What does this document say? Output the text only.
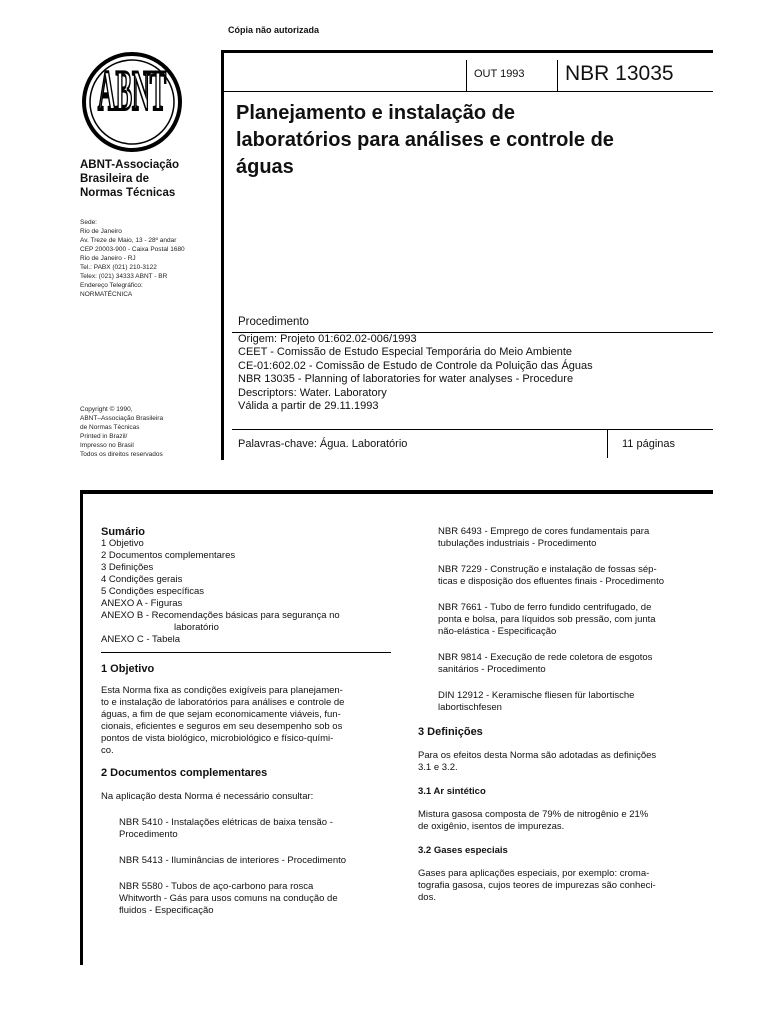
Cópia não autorizada
ABNT
ABNT-Associação
Brasileira de
Normas Técnicas
Sede:
Rio de Janeiro
Av. Treze de Maio, 13 - 28º andar
CEP 20003-900 - Caixa Postal 1680
Rio de Janeiro - RJ
Tel.: PABX (021) 210-3122
Telex: (021) 34333 ABNT - BR
Endereço Telegráfico:
NORMATÉCNICA
Copyright © 1990,
ABNT–Associação Brasileira
de Normas Técnicas
Printed in Brazil/
Impresso no Brasil
Todos os direitos reservados
OUT 1993 NBR 13035
Planejamento e instalação de
laboratórios para análises e controle de
águas
Procedimento
Origem: Projeto 01:602.02-006/1993
CEET - Comissão de Estudo Especial Temporária do Meio Ambiente
CE-01:602.02 - Comissão de Estudo de Controle da Poluição das Águas
NBR 13035 - Planning of laboratories for water analyses - Procedure
Descriptors: Water. Laboratory
Válida a partir de 29.11.1993
Palavras-chave: Água. Laboratório	11 páginas
Sumário
1 Objetivo
2 Documentos complementares
3 Definições
4 Condições gerais
5 Condições específicas
ANEXO A - Figuras
ANEXO B - Recomendações básicas para segurança no
laboratório
ANEXO C - Tabela
1 Objetivo
Esta Norma fixa as condições exigíveis para planejamen-
to e instalação de laboratórios para análises e controle de
águas, a fim de que sejam economicamente viáveis, fun-
cionais, eficientes e seguros em seu desempenho sob os
pontos de vista biológico, microbiológico e físico-quími-
co.
2 Documentos complementares
Na aplicação desta Norma é necessário consultar:
NBR 5410 - Instalações elétricas de baixa tensão -
Procedimento
NBR 5413 - Iluminâncias de interiores - Procedimento
NBR 5580 - Tubos de aço-carbono para rosca
Whitworth - Gás para usos comuns na condução de
fluidos - Especificação
NBR 6493 - Emprego de cores fundamentais para
tubulações industriais - Procedimento
NBR 7229 - Construção e instalação de fossas sép-
ticas e disposição dos efluentes finais - Procedimento
NBR 7661 - Tubo de ferro fundido centrifugado, de
ponta e bolsa, para líquidos sob pressão, com junta
não-elástica - Especificação
NBR 9814 - Execução de rede coletora de esgotos
sanitários - Procedimento
DIN 12912 - Keramische fliesen für labortische
labortischfesen
3 Definições
Para os efeitos desta Norma são adotadas as definições
3.1 e 3.2.
3.1 Ar sintético
Mistura gasosa composta de 79% de nitrogênio e 21%
de oxigênio, isentos de impurezas.
3.2 Gases especiais
Gases para aplicações especiais, por exemplo: croma-
tografia gasosa, cujos teores de impurezas são conheci-
dos.
